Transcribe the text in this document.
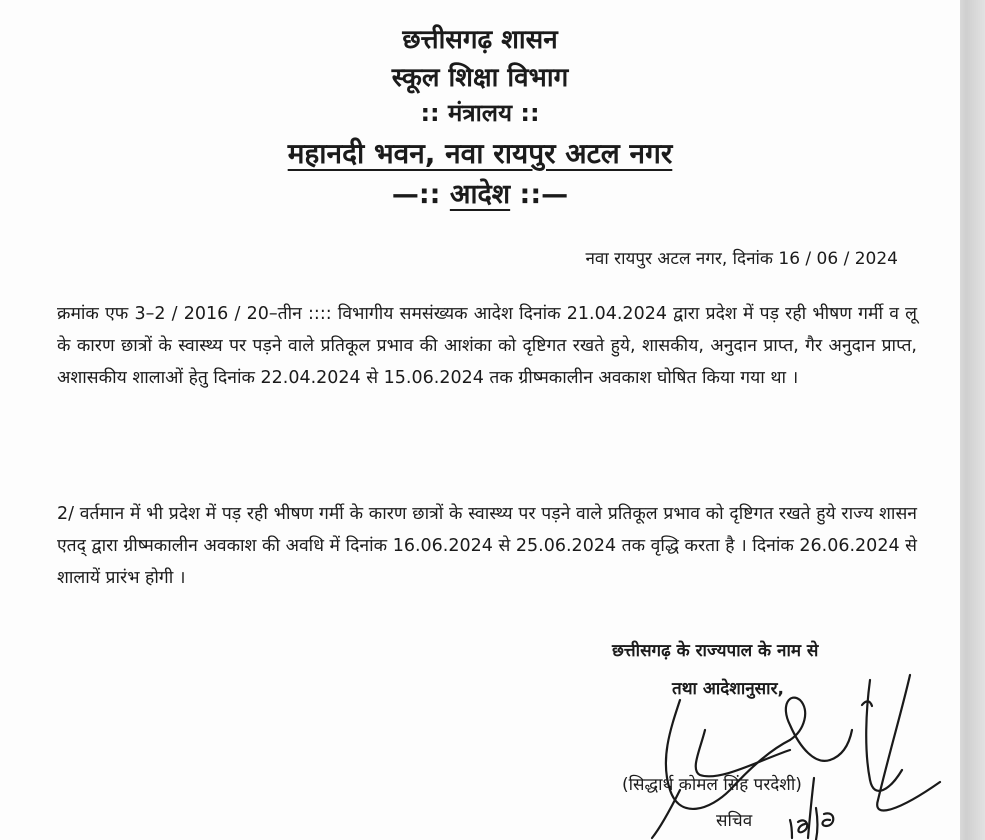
छत्तीसगढ़ शासन
स्कूल शिक्षा विभाग
:: मंत्रालय ::
महानदी भवन, नवा रायपुर अटल नगर
—:: आदेश ::—
नवा रायपुर अटल नगर, दिनांक 16 / 06 / 2024
क्रमांक एफ 3–2 / 2016 / 20–तीन :::: विभागीय समसंख्यक आदेश दिनांक 21.04.2024 द्वारा प्रदेश में पड़ रही भीषण गर्मी व लू के कारण छात्रों के स्वास्थ्य पर पड़ने वाले प्रतिकूल प्रभाव की आशंका को दृष्टिगत रखते हुये, शासकीय, अनुदान प्राप्त, गैर अनुदान प्राप्त, अशासकीय शालाओं हेतु दिनांक 22.04.2024 से 15.06.2024 तक ग्रीष्मकालीन अवकाश घोषित किया गया था ।
2/ वर्तमान में भी प्रदेश में पड़ रही भीषण गर्मी के कारण छात्रों के स्वास्थ्य पर पड़ने वाले प्रतिकूल प्रभाव को दृष्टिगत रखते हुये राज्य शासन एतद् द्वारा ग्रीष्मकालीन अवकाश की अवधि में दिनांक 16.06.2024 से 25.06.2024 तक वृद्धि करता है । दिनांक 26.06.2024 से शालायें प्रारंभ होगी ।
छत्तीसगढ़ के राज्यपाल के नाम से
तथा आदेशानुसार,
(सिद्धार्थ कोमल सिंह परदेशी)
सचिव
